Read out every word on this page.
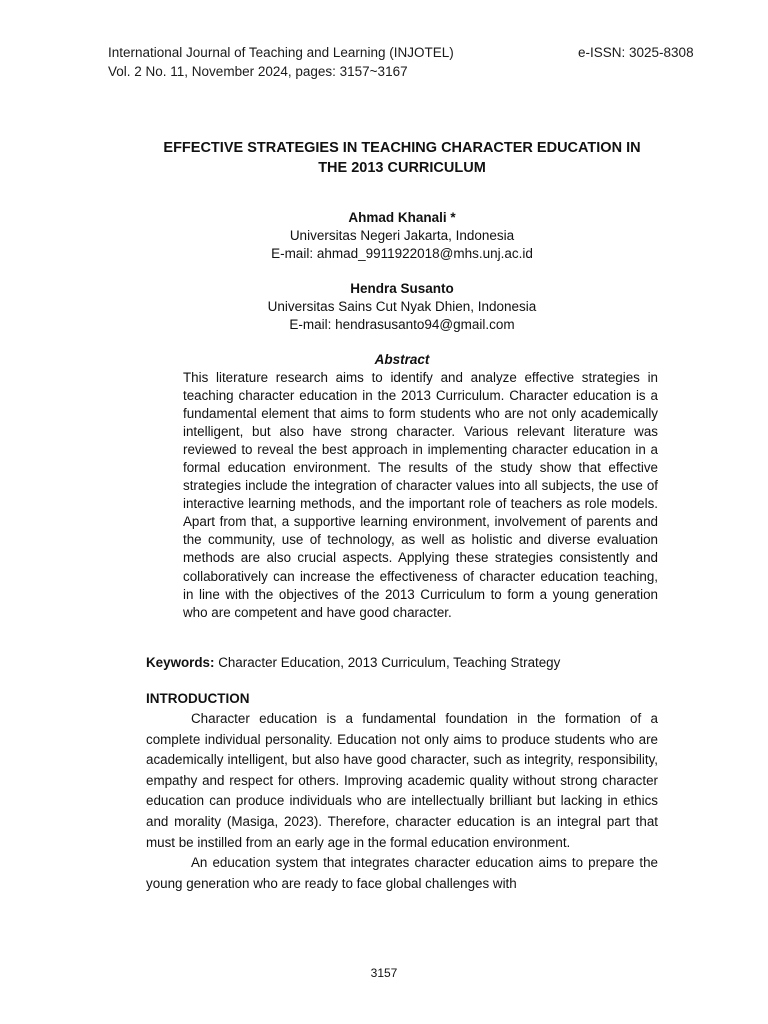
International Journal of Teaching and Learning (INJOTEL)
Vol. 2 No. 11, November 2024, pages: 3157~3167
e-ISSN: 3025-8308
EFFECTIVE STRATEGIES IN TEACHING CHARACTER EDUCATION IN
THE 2013 CURRICULUM
Ahmad Khanali *
Universitas Negeri Jakarta, Indonesia
E-mail: ahmad_9911922018@mhs.unj.ac.id
Hendra Susanto
Universitas Sains Cut Nyak Dhien, Indonesia
E-mail: hendrasusanto94@gmail.com
Abstract

This literature research aims to identify and analyze effective strategies in teaching character education in the 2013 Curriculum. Character education is a fundamental element that aims to form students who are not only academically intelligent, but also have strong character. Various relevant literature was reviewed to reveal the best approach in implementing character education in a formal education environment. The results of the study show that effective strategies include the integration of character values into all subjects, the use of interactive learning methods, and the important role of teachers as role models. Apart from that, a supportive learning environment, involvement of parents and the community, use of technology, as well as holistic and diverse evaluation methods are also crucial aspects. Applying these strategies consistently and collaboratively can increase the effectiveness of character education teaching, in line with the objectives of the 2013 Curriculum to form a young generation who are competent and have good character.

Keywords: Character Education, 2013 Curriculum, Teaching Strategy
INTRODUCTION

Character education is a fundamental foundation in the formation of a complete individual personality. Education not only aims to produce students who are academically intelligent, but also have good character, such as integrity, responsibility, empathy and respect for others. Improving academic quality without strong character education can produce individuals who are intellectually brilliant but lacking in ethics and morality (Masiga, 2023). Therefore, character education is an integral part that must be instilled from an early age in the formal education environment.

An education system that integrates character education aims to prepare the young generation who are ready to face global challenges with

3157
